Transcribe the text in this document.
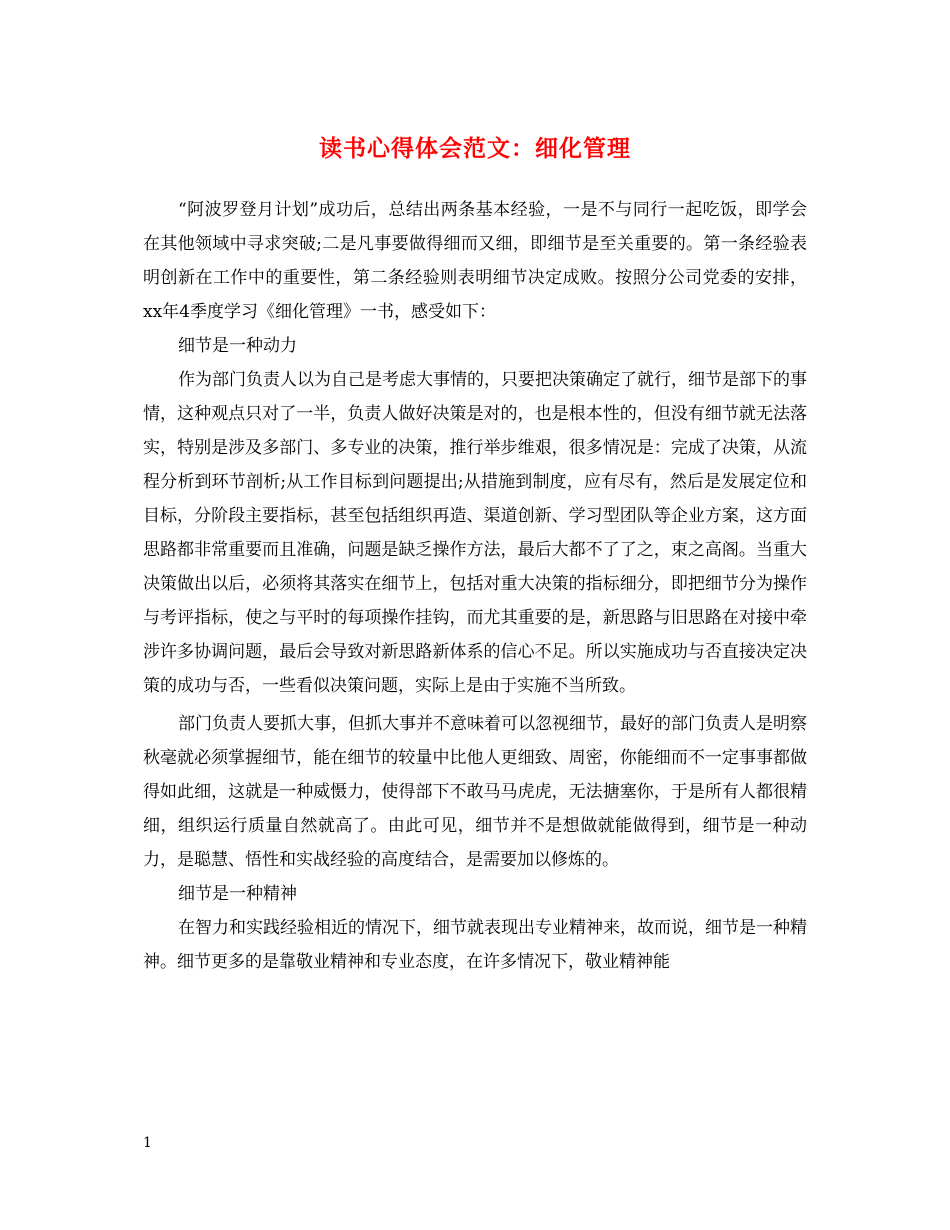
读书心得体会范文：细化管理

“阿波罗登月计划”成功后，总结出两条基本经验，一是不与同行一起吃饭，即学会在其他领域中寻求突破;二是凡事要做得细而又细，即细节是至关重要的。第一条经验表明创新在工作中的重要性，第二条经验则表明细节决定成败。按照分公司党委的安排，xx年4季度学习《细化管理》一书，感受如下：

细节是一种动力

作为部门负责人以为自己是考虑大事情的，只要把决策确定了就行，细节是部下的事情，这种观点只对了一半，负责人做好决策是对的，也是根本性的，但没有细节就无法落实，特别是涉及多部门、多专业的决策，推行举步维艰，很多情况是：完成了决策，从流程分析到环节剖析;从工作目标到问题提出;从措施到制度，应有尽有，然后是发展定位和目标，分阶段主要指标，甚至包括组织再造、渠道创新、学习型团队等企业方案，这方面思路都非常重要而且准确，问题是缺乏操作方法，最后大都不了了之，束之高阁。当重大决策做出以后，必须将其落实在细节上，包括对重大决策的指标细分，即把细节分为操作与考评指标，使之与平时的每项操作挂钩，而尤其重要的是，新思路与旧思路在对接中牵涉许多协调问题，最后会导致对新思路新体系的信心不足。所以实施成功与否直接决定决策的成功与否，一些看似决策问题，实际上是由于实施不当所致。

部门负责人要抓大事，但抓大事并不意味着可以忽视细节，最好的部门负责人是明察秋毫就必须掌握细节，能在细节的较量中比他人更细致、周密，你能细而不一定事事都做得如此细，这就是一种威慑力，使得部下不敢马马虎虎，无法搪塞你，于是所有人都很精细，组织运行质量自然就高了。由此可见，细节并不是想做就能做得到，细节是一种动力，是聪慧、悟性和实战经验的高度结合，是需要加以修炼的。

细节是一种精神

在智力和实践经验相近的情况下，细节就表现出专业精神来，故而说，细节是一种精神。细节更多的是靠敬业精神和专业态度，在许多情况下，敬业精神能

1
